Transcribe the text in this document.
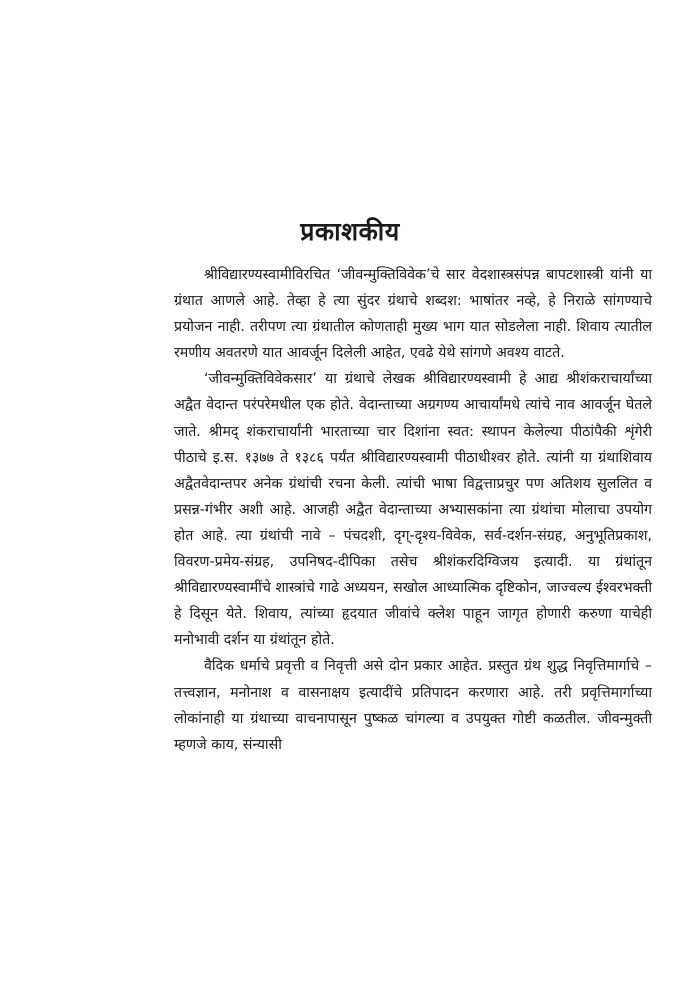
प्रकाशकीय

श्रीविद्यारण्यस्वामीविरचित ‘जीवन्मुक्तिविवेक’चे सार वेदशास्त्रसंपन्न बापटशास्त्री यांनी या ग्रंथात आणले आहे. तेव्हा हे त्या सुंदर ग्रंथाचे शब्दश: भाषांतर नव्हे, हे निराळे सांगण्याचे प्रयोजन नाही. तरीपण त्या ग्रंथातील कोणताही मुख्य भाग यात सोडलेला नाही. शिवाय त्यातील रमणीय अवतरणे यात आवर्जून दिलेली आहेत, एवढे येथे सांगणे अवश्य वाटते.

‘जीवन्मुक्तिविवेकसार’ या ग्रंथाचे लेखक श्रीविद्यारण्यस्वामी हे आद्य श्रीशंकराचार्यांच्या अद्वैत वेदान्त परंपरेमधील एक होते. वेदान्ताच्या अग्रगण्य आचार्यांमधे त्यांचे नाव आवर्जून घेतले जाते. श्रीमद् शंकराचार्यांनी भारताच्या चार दिशांना स्वत: स्थापन केलेल्या पीठांपैकी शृंगेरी पीठाचे इ.स. १३७७ ते १३८६ पर्यंत श्रीविद्यारण्यस्वामी पीठाधीश्वर होते. त्यांनी या ग्रंथाशिवाय अद्वैतवेदान्तपर अनेक ग्रंथांची रचना केली. त्यांची भाषा विद्वत्ताप्रचुर पण अतिशय सुललित व प्रसन्न-गंभीर अशी आहे. आजही अद्वैत वेदान्ताच्या अभ्यासकांना त्या ग्रंथांचा मोलाचा उपयोग होत आहे. त्या ग्रंथांची नावे – पंचदशी, दृग्-दृश्य-विवेक, सर्व-दर्शन-संग्रह, अनुभूतिप्रकाश, विवरण-प्रमेय-संग्रह, उपनिषद-दीपिका तसेच श्रीशंकरदिग्विजय इत्यादी. या ग्रंथांतून श्रीविद्यारण्यस्वामींचे शास्त्रांचे गाढे अध्ययन, सखोल आध्यात्मिक दृष्टिकोन, जाज्वल्य ईश्वरभक्ती हे दिसून येते. शिवाय, त्यांच्या हृदयात जीवांचे क्लेश पाहून जागृत होणारी करुणा याचेही मनोभावी दर्शन या ग्रंथांतून होते.

वैदिक धर्माचे प्रवृत्ती व निवृत्ती असे दोन प्रकार आहेत. प्रस्तुत ग्रंथ शुद्ध निवृत्तिमार्गाचे – तत्त्वज्ञान, मनोनाश व वासनाक्षय इत्यादींचे प्रतिपादन करणारा आहे. तरी प्रवृत्तिमार्गाच्या लोकांनाही या ग्रंथाच्या वाचनापासून पुष्कळ चांगल्या व उपयुक्त गोष्टी कळतील. जीवन्मुक्ती म्हणजे काय, संन्यासी
